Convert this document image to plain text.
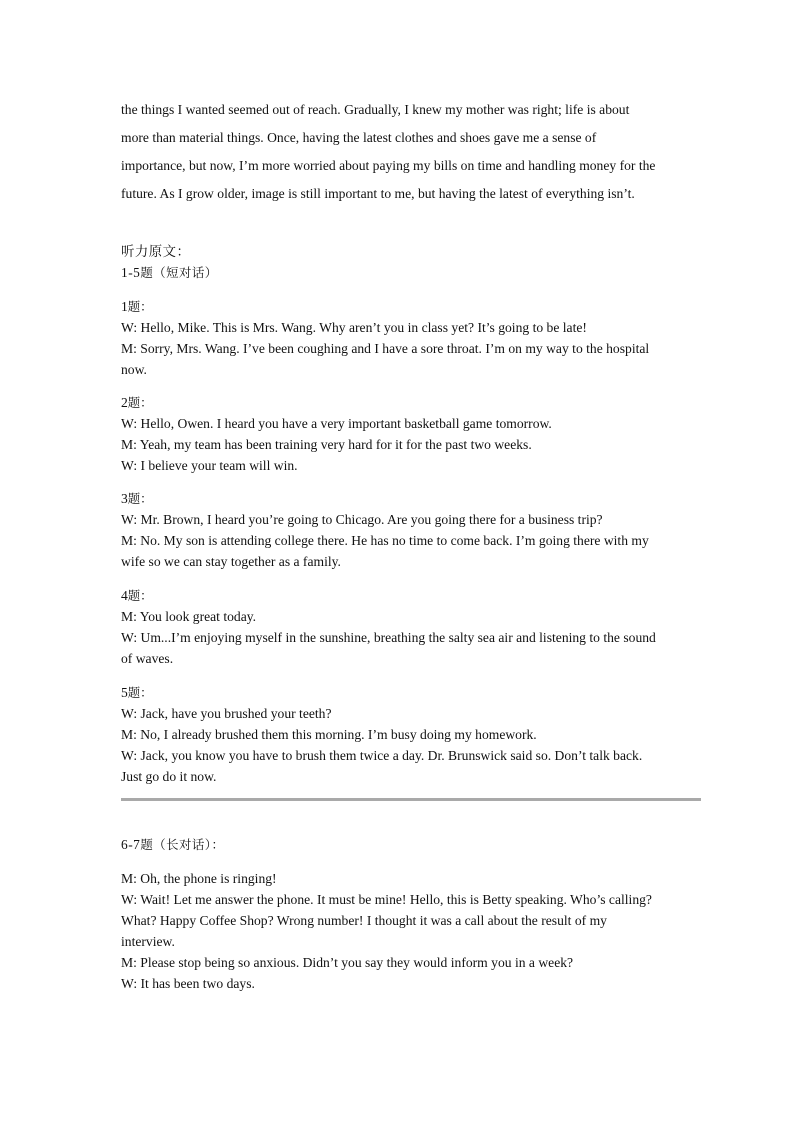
the things I wanted seemed out of reach. Gradually, I knew my mother was right; life is about

more than material things. Once, having the latest clothes and shoes gave me a sense of

importance, but now, I’m more worried about paying my bills on time and handling money for the

future. As I grow older, image is still important to me, but having the latest of everything isn’t.

听力原文：
1-5题（短对话）

1题：

W: Hello, Mike. This is Mrs. Wang. Why aren’t you in class yet? It’s going to be late!

M: Sorry, Mrs. Wang. I’ve been coughing and I have a sore throat. I’m on my way to the hospital

now.

2题：

W: Hello, Owen. I heard you have a very important basketball game tomorrow.

M: Yeah, my team has been training very hard for it for the past two weeks.

W: I believe your team will win.

3题：

W: Mr. Brown, I heard you’re going to Chicago. Are you going there for a business trip?

M: No. My son is attending college there. He has no time to come back. I’m going there with my

wife so we can stay together as a family.

4题：

M: You look great today.

W: Um...I’m enjoying myself in the sunshine, breathing the salty sea air and listening to the sound

of waves.

5题：

W: Jack, have you brushed your teeth?

M: No, I already brushed them this morning. I’m busy doing my homework.

W: Jack, you know you have to brush them twice a day. Dr. Brunswick said so. Don’t talk back.

Just go do it now.

6-7题（长对话）：

M: Oh, the phone is ringing!

W: Wait! Let me answer the phone. It must be mine! Hello, this is Betty speaking. Who’s calling?

What? Happy Coffee Shop? Wrong number! I thought it was a call about the result of my

interview.

M: Please stop being so anxious. Didn’t you say they would inform you in a week?

W: It has been two days.
